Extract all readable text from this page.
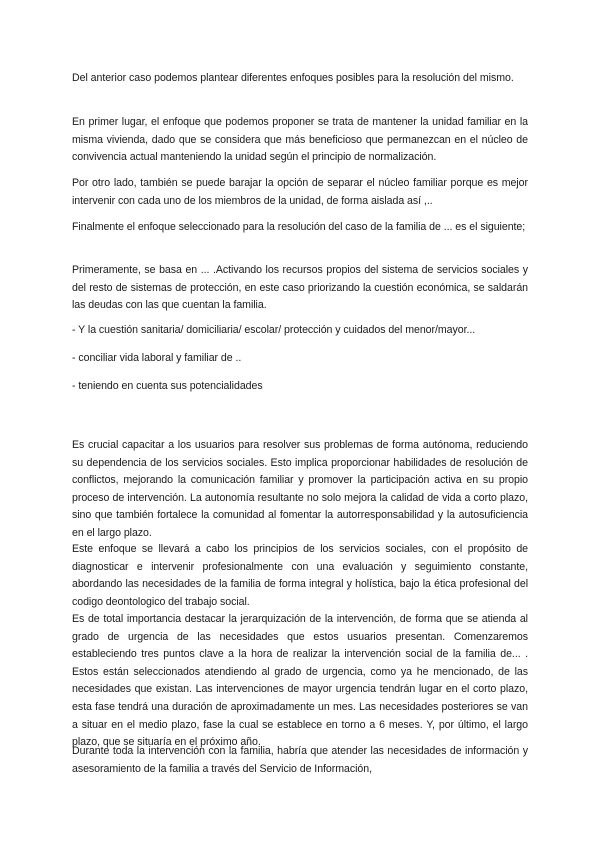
Del anterior caso podemos plantear diferentes enfoques posibles para la resolución del mismo.

En primer lugar, el enfoque que podemos proponer se trata de mantener la unidad familiar en la misma vivienda, dado que se considera que más beneficioso que permanezcan en el núcleo de convivencia actual manteniendo la unidad según el principio de normalización.

Por otro lado, también se puede barajar la opción de separar el núcleo familiar porque es mejor intervenir con cada uno de los miembros de la unidad, de forma aislada así ,..

Finalmente el enfoque seleccionado para la resolución del caso de la familia de ... es el siguiente;

Primeramente, se basa en ... .Activando los recursos propios del sistema de servicios sociales y del resto de sistemas de protección, en este caso priorizando la cuestión económica, se saldarán las deudas con las que cuentan la familia.

- Y la cuestión sanitaria/ domiciliaria/ escolar/ protección y cuidados del menor/mayor...

- conciliar vida laboral y familiar de ..

- teniendo en cuenta sus potencialidades

Es crucial capacitar a los usuarios para resolver sus problemas de forma autónoma, reduciendo su dependencia de los servicios sociales. Esto implica proporcionar habilidades de resolución de conflictos, mejorando la comunicación familiar y promover la participación activa en su propio proceso de intervención. La autonomía resultante no solo mejora la calidad de vida a corto plazo, sino que también fortalece la comunidad al fomentar la autorresponsabilidad y la autosuficiencia en el largo plazo.

Este enfoque se llevará a cabo los principios de los servicios sociales, con el propósito de diagnosticar e intervenir profesionalmente con una evaluación y seguimiento constante, abordando las necesidades de la familia de forma integral y holística, bajo la ética profesional del codigo deontologico del trabajo social.

Es de total importancia destacar la jerarquización de la intervención, de forma que se atienda al grado de urgencia de las necesidades que estos usuarios presentan. Comenzaremos estableciendo tres puntos clave a la hora de realizar la intervención social de la familia de... . Estos están seleccionados atendiendo al grado de urgencia, como ya he mencionado, de las necesidades que existan. Las intervenciones de mayor urgencia tendrán lugar en el corto plazo, esta fase tendrá una duración de aproximadamente un mes. Las necesidades posteriores se van a situar en el medio plazo, fase la cual se establece en torno a 6 meses. Y, por último, el largo plazo, que se situaría en el próximo año.

Durante toda la intervención con la familia, habría que atender las necesidades de información y asesoramiento de la familia a través del Servicio de Información,
